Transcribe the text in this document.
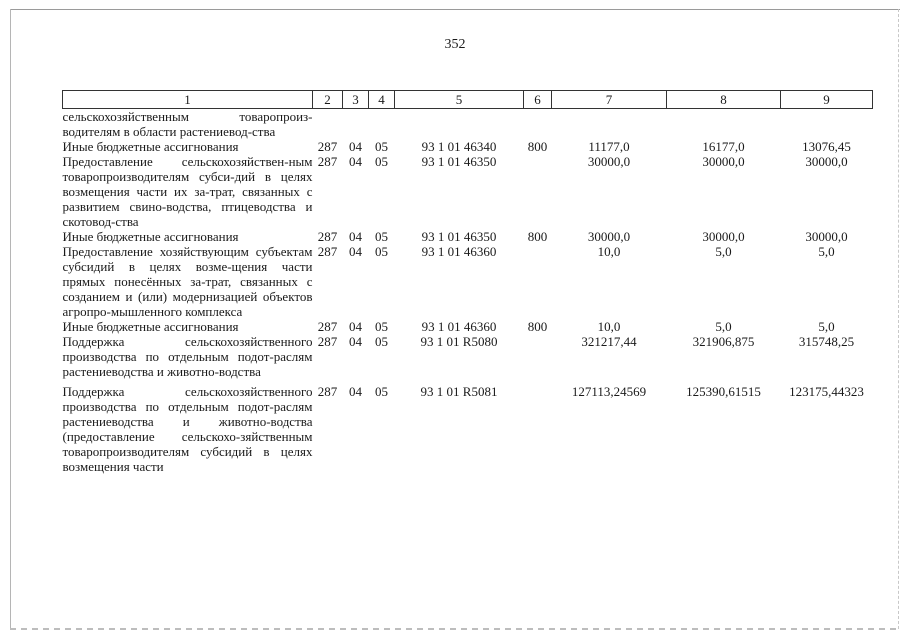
352
1	2	3	4	5	6	7	8	9
сельскохозяйственным товаропроиз-водителям в области растениевод-ства								
Иные бюджетные ассигнования	287	04	05	93 1 01 46340	800	11177,0	16177,0	13076,45
Предоставление сельскохозяйствен-ным товаропроизводителям субси-дий в целях возмещения части их за-трат, связанных с развитием свино-водства, птицеводства и скотовод-ства	287	04	05	93 1 01 46350		30000,0	30000,0	30000,0
Иные бюджетные ассигнования	287	04	05	93 1 01 46350	800	30000,0	30000,0	30000,0
Предоставление хозяйствующим субъектам субсидий в целях возме-щения части прямых понесённых за-трат, связанных с созданием и (или) модернизацией объектов агропро-мышленного комплекса	287	04	05	93 1 01 46360		10,0	5,0	5,0
Иные бюджетные ассигнования	287	04	05	93 1 01 46360	800	10,0	5,0	5,0
Поддержка сельскохозяйственного производства по отдельным подот-раслям растениеводства и животно-водства	287	04	05	93 1 01 R5080		321217,44	321906,875	315748,25
Поддержка сельскохозяйственного производства по отдельным подот-раслям растениеводства и животно-водства (предоставление сельскохо-зяйственным товаропроизводителям субсидий в целях возмещения части	287	04	05	93 1 01 R5081		127113,24569	125390,61515	123175,44323
